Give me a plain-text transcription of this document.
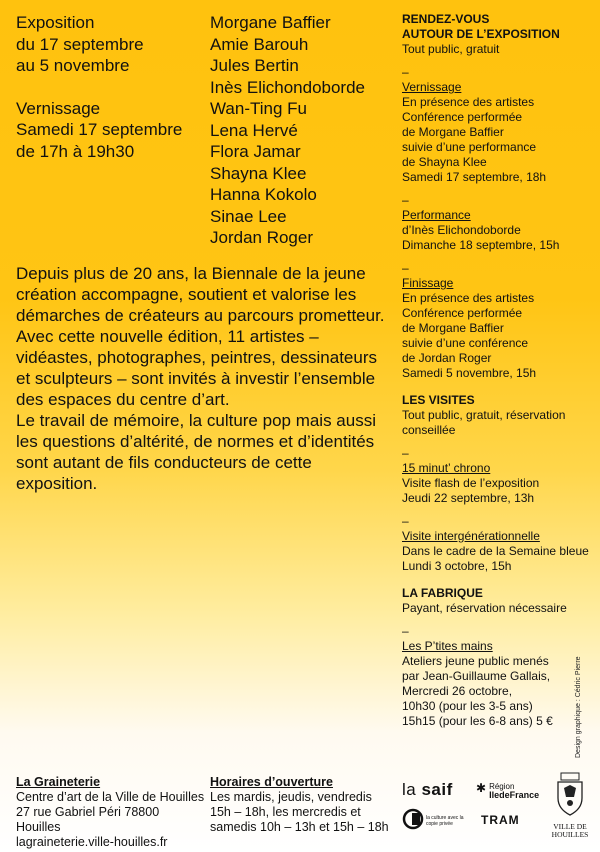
Exposition
du 17 septembre
au 5 novembre
Vernissage
Samedi 17 septembre
de 17h à 19h30
Morgane Baffier
Amie Barouh
Jules Bertin
Inès Elichondoborde
Wan-Ting Fu
Lena Hervé
Flora Jamar
Shayna Klee
Hanna Kokolo
Sinae Lee
Jordan Roger

Depuis plus de 20 ans, la Biennale de la jeune création accompagne, soutient et valorise les démarches de créateurs au parcours prometteur. Avec cette nouvelle édition, 11 artistes – vidéastes, photographes, peintres, dessinateurs et sculpteurs – sont invités à investir l’ensemble des espaces du centre d’art.

Le travail de mémoire, la culture pop mais aussi les questions d’altérité, de normes et d’identités sont autant de fils conducteurs de cette exposition.

RENDEZ-VOUS
AUTOUR DE L’EXPOSITION
Tout public, gratuit
–
Vernissage
En présence des artistes
Conférence performée
de Morgane Baffier
suivie d’une performance
de Shayna Klee
Samedi 17 septembre, 18h
–
Performance
d’Inès Elichondoborde
Dimanche 18 septembre, 15h
–
Finissage
En présence des artistes
Conférence performée
de Morgane Baffier
suivie d’une conférence
de Jordan Roger
Samedi 5 novembre, 15h
LES VISITES
Tout public, gratuit, réservation
conseillée
–
15 minut’ chrono
Visite flash de l’exposition
Jeudi 22 septembre, 13h
–
Visite intergénérationnelle
Dans le cadre de la Semaine bleue
Lundi 3 octobre, 15h
LA FABRIQUE
Payant, réservation nécessaire
–
Les P’tites mains
Ateliers jeune public menés
par Jean-Guillaume Gallais,
Mercredi 26 octobre,
10h30 (pour les 3-5 ans)
15h15 (pour les 6-8 ans) 5 €	Design graphique : Cédric Pierre
La Graineterie
Centre d’art de la Ville de Houilles
27 rue Gabriel Péri 78800 Houilles
lagraineterie.ville-houilles.fr
Horaires d’ouverture
Les mardis, jeudis, vendredis
15h – 18h, les mercredis et
samedis 10h – 13h et 15h – 18h
la saif ✱ Région
IledeFrance
la culture avec la copie privée	TRAM	VILLE DE
HOUILLES
